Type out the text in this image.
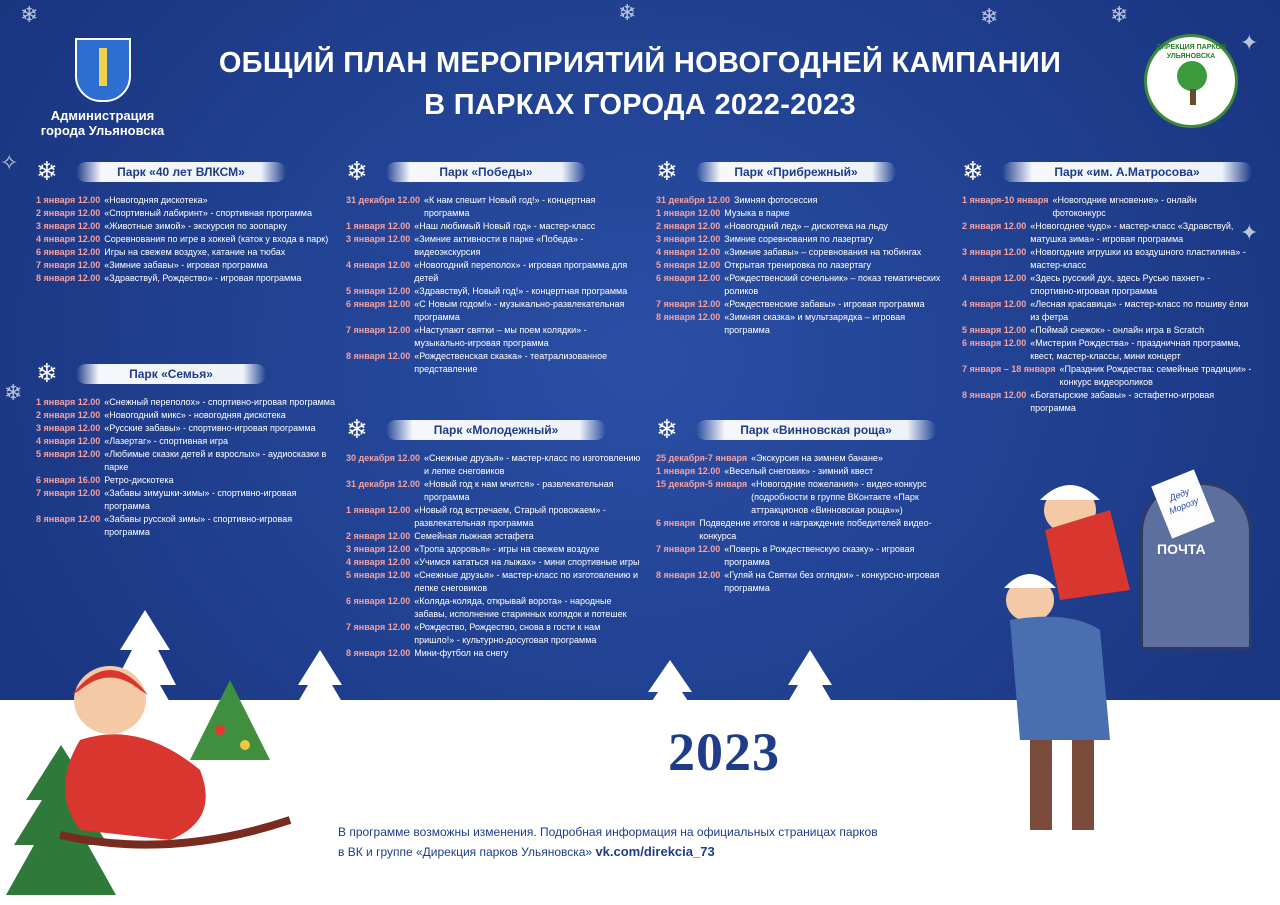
❄	❄	❄	❄
✦
❄
✦
✧
Администрация
города Ульяновска
ОБЩИЙ ПЛАН МЕРОПРИЯТИЙ НОВОГОДНЕЙ КАМПАНИИ
В ПАРКАХ ГОРОДА 2022-2023
ДИРЕКЦИЯ ПАРКОВ УЛЬЯНОВСКА
❄	Парк «40 лет ВЛКСМ»
1 января 12.00 «Новогодняя дискотека»
2 января 12.00 «Спортивный лабиринт» - спортивная программа
3 января 12.00 «Животные зимой» - экскурсия по зоопарку
4 января 12.00 Соревнования по игре в хоккей (каток у входа в парк)
6 января 12.00 Игры на свежем воздухе, катание на тюбах
7 января 12.00 «Зимние забавы» - игровая программа
8 января 12.00 «Здравствуй, Рождество» - игровая программа
❄	Парк «Семья»
1 января 12.00 «Снежный переполох» - спортивно-игровая программа
2 января 12.00 «Новогодний микс» - новогодняя дискотека
3 января 12.00 «Русские забавы» - спортивно-игровая программа
4 января 12.00 «Лазертаг» - спортивная игра
5 января 12.00 «Любимые сказки детей и взрослых» - аудиосказки в парке
6 января 16.00 Ретро-дискотека
7 января 12.00 «Забавы зимушки-зимы» - спортивно-игровая программа
8 января 12.00 «Забавы русской зимы» - спортивно-игровая программа
❄	Парк «Победы»
31 декабря 12.00 «К нам спешит Новый год!» - концертная программа
1 января 12.00 «Наш любимый Новый год» - мастер-класс
3 января 12.00 «Зимние активности в парке «Победа» - видеоэкскурсия
4 января 12.00 «Новогодний переполох» - игровая программа для детей
5 января 12.00 «Здравствуй, Новый год!» - концертная программа
6 января 12.00 «С Новым годом!» - музыкально-развлекательная программа
7 января 12.00 «Наступают святки – мы поем колядки» - музыкально-игровая программа
8 января 12.00 «Рождественская сказка» - театрализованное представление
❄	Парк «Молодежный»
30 декабря 12.00 «Снежные друзья» - мастер-класс по изготовлению и лепке снеговиков
31 декабря 12.00 «Новый год к нам мчится» - развлекательная программа
1 января 12.00 «Новый год встречаем, Старый провожаем» - развлекательная программа
2 января 12.00 Семейная лыжная эстафета
3 января 12.00 «Тропа здоровья» - игры на свежем воздухе
4 января 12.00 «Учимся кататься на лыжах» - мини спортивные игры
5 января 12.00 «Снежные друзья» - мастер-класс по изготовлению и лепке снеговиков
6 января 12.00 «Коляда-коляда, открывай ворота» - народные забавы, исполнение старинных колядок и потешек
7 января 12.00 «Рождество, Рождество, снова в гости к нам пришло!» - культурно-досуговая программа
8 января 12.00 Мини-футбол на снегу
❄	Парк «Прибрежный»
31 декабря 12.00 Зимняя фотосессия
1 января 12.00 Музыка в парке
2 января 12.00 «Новогодний лед» – дискотека на льду
3 января 12.00 Зимние соревнования по лазертагу
4 января 12.00 «Зимние забавы» – соревнования на тюбингах
5 января 12.00 Открытая тренировка по лазертагу
6 января 12.00 «Рождественский сочельник» – показ тематических роликов
7 января 12.00 «Рождественские забавы» - игровая программа
8 января 12.00 «Зимняя сказка» и мультзарядка – игровая программа
❄	Парк «Винновская роща»
25 декабря-7 января «Экскурсия на зимнем банане»
1 января 12.00 «Веселый снеговик» - зимний квест
15 декабря-5 января «Новогодние пожелания» - видео-конкурс (подробности в группе ВКонтакте «Парк аттракционов «Винновская роща»»)
6 января Подведение итогов и награждение победителей видео-конкурса
7 января 12.00 «Поверь в Рождественскую сказку» - игровая программа
8 января 12.00 «Гуляй на Святки без оглядки» - конкурсно-игровая программа
❄	Парк «им. А.Матросова»
1 января-10 января «Новогодние мгновение» - онлайн фотоконкурс
2 января 12.00 «Новогоднее чудо» - мастер-класс «Здравствуй, матушка зима» - игровая программа
3 января 12.00 «Новогодние игрушки из воздушного пластилина» - мастер-класс
4 января 12.00 «Здесь русский дух, здесь Русью пахнет» - спортивно-игровая программа
4 января 12.00 «Лесная красавица» - мастер-класс по пошиву ёлки из фетра
5 января 12.00 «Поймай снежок» - онлайн игра в Scratch
6 января 12.00 «Мистерия Рождества» - праздничная программа, квест, мастер-классы, мини концерт
7 января – 18 января «Праздник Рождества: семейные традиции» - конкурс видеороликов
8 января 12.00 «Богатырские забавы» - эстафетно-игровая программа
2023
ПОЧТА
Деду Морозу
В программе возможны изменения. Подробная информация на официальных страницах парков
в ВК и группе «Дирекция парков Ульяновска» vk.com/direkcia_73
